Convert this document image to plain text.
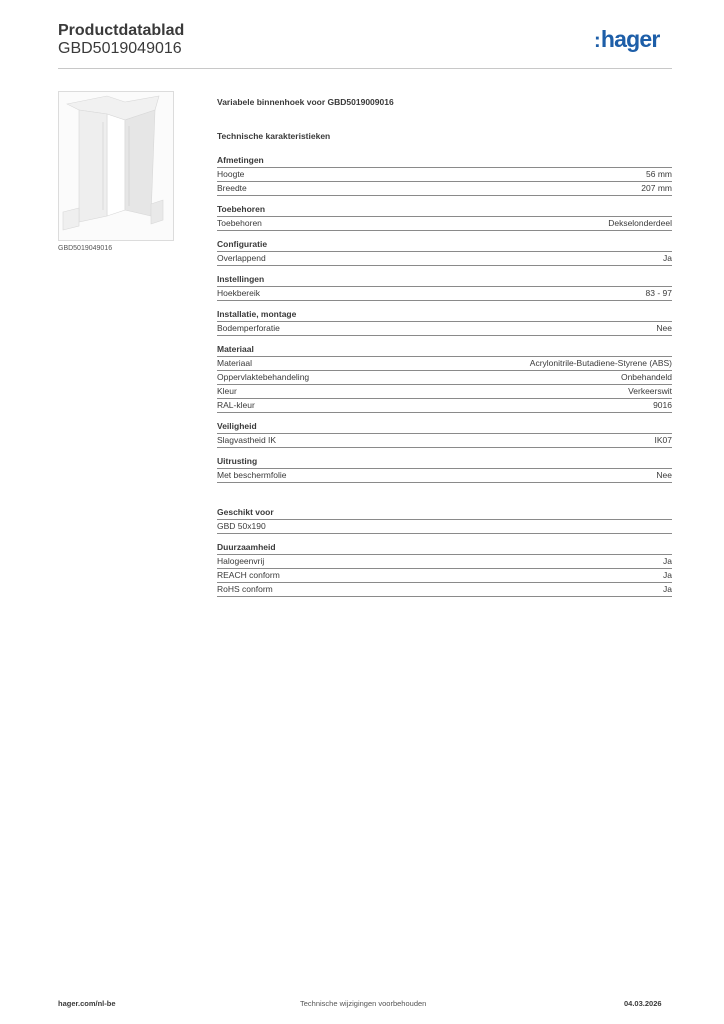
Productdatablad
GBD5019049016	:hager
GBD5019049016
Variabele binnenhoek voor GBD5019009016
Technische karakteristieken
Afmetingen
Hoogte	56 mm
Breedte	207 mm
Toebehoren
Toebehoren	Dekselonderdeel
Configuratie
Overlappend	Ja
Instellingen
Hoekbereik	83 - 97
Installatie, montage
Bodemperforatie	Nee
Materiaal
Materiaal	Acrylonitrile-Butadiene-Styrene (ABS)
Oppervlaktebehandeling	Onbehandeld
Kleur	Verkeerswit
RAL-kleur	9016
Veiligheid
Slagvastheid IK	IK07
Uitrusting
Met beschermfolie	Nee
Geschikt voor
GBD 50x190
Duurzaamheid
Halogeenvrij	Ja
REACH conform	Ja
RoHS conform	Ja
hager.com/nl-be	Technische wijzigingen voorbehouden	04.03.2026
